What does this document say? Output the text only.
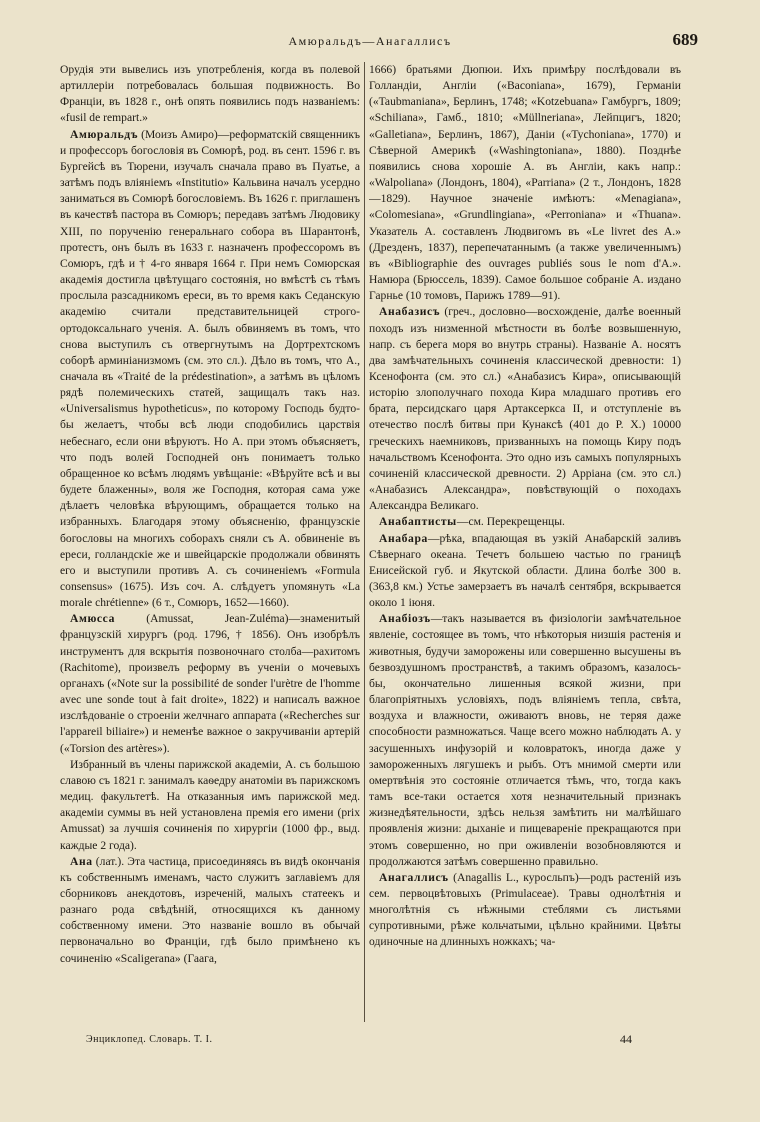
Амюральдъ—Анагаллисъ	689

Орудія эти вывелись изъ употребленія, когда въ полевой артиллеріи потребовалась большая подвижность. Во Франціи, въ 1828 г., онѣ опять появились подъ названіемъ: «fusil de rempart.»

Амюральдъ (Моизъ Амиро)—реформатскій священникъ и профессоръ богословія въ Сомюрѣ, род. въ сент. 1596 г. въ Бургейсѣ въ Тюрени, изучалъ сначала право въ Пуатье, а затѣмъ подъ вліяніемъ «Institutio» Кальвина началъ усердно заниматься въ Сомюрѣ богословіемъ. Въ 1626 г. приглашенъ въ качествѣ пастора въ Сомюръ; передавъ затѣмъ Людовику XIII, по порученію генеральнаго собора въ Шарантонѣ, протестъ, онъ былъ въ 1633 г. назначенъ профессоромъ въ Сомюръ, гдѣ и † 4-го января 1664 г. При немъ Сомюрская академія достигла цвѣтущаго состоянія, но вмѣстѣ съ тѣмъ прослыла разсадникомъ ереси, въ то время какъ Седанскую академію считали представительницей строго-ортодоксальнаго ученія. А. былъ обвиняемъ въ томъ, что снова выступилъ съ отвергнутымъ на Дортрехтскомъ соборѣ арминіанизмомъ (см. это сл.). Дѣло въ томъ, что А., сначала въ «Traité de la prédestination», а затѣмъ въ цѣломъ рядѣ полемическихъ статей, защищалъ такъ наз. «Universalismus hypotheticus», по которому Господь будто-бы желаетъ, чтобы всѣ люди сподобились царствія небеснаго, если они вѣруютъ. Но А. при этомъ объясняетъ, что подъ волей Господней онъ понимаетъ только обращенное ко всѣмъ людямъ увѣщаніе: «Вѣруйте всѣ и вы будете блаженны», воля же Господня, которая сама уже дѣлаетъ человѣка вѣрующимъ, обращается только на избранныхъ. Благодаря этому объясненію, французскіе богословы на многихъ соборахъ сняли съ А. обвиненіе въ ереси, голландскіе же и швейцарскіе продолжали обвинять его и выступили противъ А. съ сочиненіемъ «Formula consensus» (1675). Изъ соч. А. слѣдуетъ упомянуть «La morale chrétienne» (6 т., Сомюръ, 1652—1660).

Амюсса (Amussat, Jean-Zuléma)—знаменитый французскій хирургъ (род. 1796, † 1856). Онъ изобрѣлъ инструментъ для вскрытія позвоночнаго столба—рахитомъ (Rachitome), произвелъ реформу въ ученіи о мочевыхъ органахъ («Note sur la possibilité de sonder l'urètre de l'homme avec une sonde tout à fait droite», 1822) и написалъ важное изслѣдованіе о строеніи желчнаго аппарата («Recherches sur l'appareil biliaire») и неменѣе важное о закручиваніи артерій («Torsion des artères»).

Избранный въ члены парижской академіи, А. съ большою славою съ 1821 г. занималъ каѳедру анатоміи въ парижскомъ медиц. факультетѣ. На отказанныя имъ парижской мед. академіи суммы въ ней установлена премія его имени (prix Amussat) за лучшія сочиненія по хирургіи (1000 фр., выд. каждые 2 года).

Ана (лат.). Эта частица, присоединяясь въ видѣ окончанія къ собственнымъ именамъ, часто служитъ заглавіемъ для сборниковъ анекдотовъ, изреченій, малыхъ статеекъ и разнаго рода свѣдѣній, относящихся къ данному собственному имени. Это названіе вошло въ обычай первоначально во Франціи, гдѣ было примѣнено къ сочиненію «Scaligerana» (Гаага,

1666) братьями Дюпюи. Ихъ примѣру послѣдовали въ Голландіи, Англіи («Baconiana», 1679), Германіи («Taubmaniana», Берлинъ, 1748; «Kotzebuana» Гамбургъ, 1809; «Schiliana», Гамб., 1810; «Müllneriana», Лейпцигъ, 1820; «Galletiana», Берлинъ, 1867), Даніи («Tychoniana», 1770) и Сѣверной Америкѣ («Washingtoniana», 1880). Позднѣе появились снова хорошіе А. въ Англіи, какъ напр.: «Walpoliana» (Лондонъ, 1804), «Parriana» (2 т., Лондонъ, 1828—1829). Научное значеніе имѣютъ: «Menagiana», «Colomesiana», «Grundlingiana», «Perroniana» и «Thuana». Указатель А. составленъ Людвигомъ въ «Le livret des A.» (Дрезденъ, 1837), перепечатаннымъ (а также увеличеннымъ) въ «Bibliographie des ouvrages publiés sous le nom d'A.». Намюра (Брюссель, 1839). Самое большое собраніе А. издано Гарнье (10 томовъ, Парижъ 1789—91).

Анабазисъ (греч., дословно—восхожденіе, далѣе военный походъ изъ низменной мѣстности въ болѣе возвышенную, напр. съ берега моря во внутрь страны). Названіе А. носятъ два замѣчательныхъ сочиненія классической древности: 1) Ксенофонта (см. это сл.) «Анабазисъ Кира», описывающій исторію злополучнаго похода Кира младшаго противъ его брата, персидскаго царя Артаксеркса II, и отступленіе въ отечество послѣ битвы при Кунаксѣ (401 до Р. Х.) 10000 греческихъ наемниковъ, призванныхъ на помощь Киру подъ начальствомъ Ксенофонта. Это одно изъ самыхъ популярныхъ сочиненій классической древности. 2) Арріана (см. это сл.) «Анабазисъ Александра», повѣствующій о походахъ Александра Великаго.

Анабаптисты—см. Перекрещенцы.

Анабара—рѣка, впадающая въ узкій Анабарскій заливъ Сѣвернаго океана. Течетъ большею частью по границѣ Енисейской губ. и Якутской области. Длина болѣе 300 в. (363,8 км.) Устье замерзаетъ въ началѣ сентября, вскрывается около 1 іюня.

Анабіозъ—такъ называется въ физіологіи замѣчательное явленіе, состоящее въ томъ, что нѣкоторыя низшія растенія и животныя, будучи заморожены или совершенно высушены въ безвоздушномъ пространствѣ, а такимъ образомъ, казалось-бы, окончательно лишенныя всякой жизни, при благопріятныхъ условіяхъ, подъ вліяніемъ тепла, свѣта, воздуха и влажности, оживаютъ вновь, не теряя даже способности размножаться. Чаще всего можно наблюдать А. у засушенныхъ инфузорій и коловратокъ, иногда даже у замороженныхъ лягушекъ и рыбъ. Отъ мнимой смерти или омертвѣнія это состояніе отличается тѣмъ, что, тогда какъ тамъ все-таки остается хотя незначительный признакъ жизнедѣятельности, здѣсь нельзя замѣтить ни малѣйшаго проявленія жизни: дыханіе и пищевареніе прекращаются при этомъ совершенно, но при оживленіи возобновляются и продолжаются затѣмъ совершенно правильно.

Анагаллисъ (Anagallis L., куросльпъ)—родъ растеній изъ сем. первоцвѣтовыхъ (Primulaceae). Травы однолѣтнія и многолѣтнія съ нѣжными стеблями съ листьями супротивными, рѣже кольчатыми, цѣльно крайними. Цвѣты одиночные на длинныхъ ножкахъ; ча-

Энциклопед. Словарь. Т. I.	44
